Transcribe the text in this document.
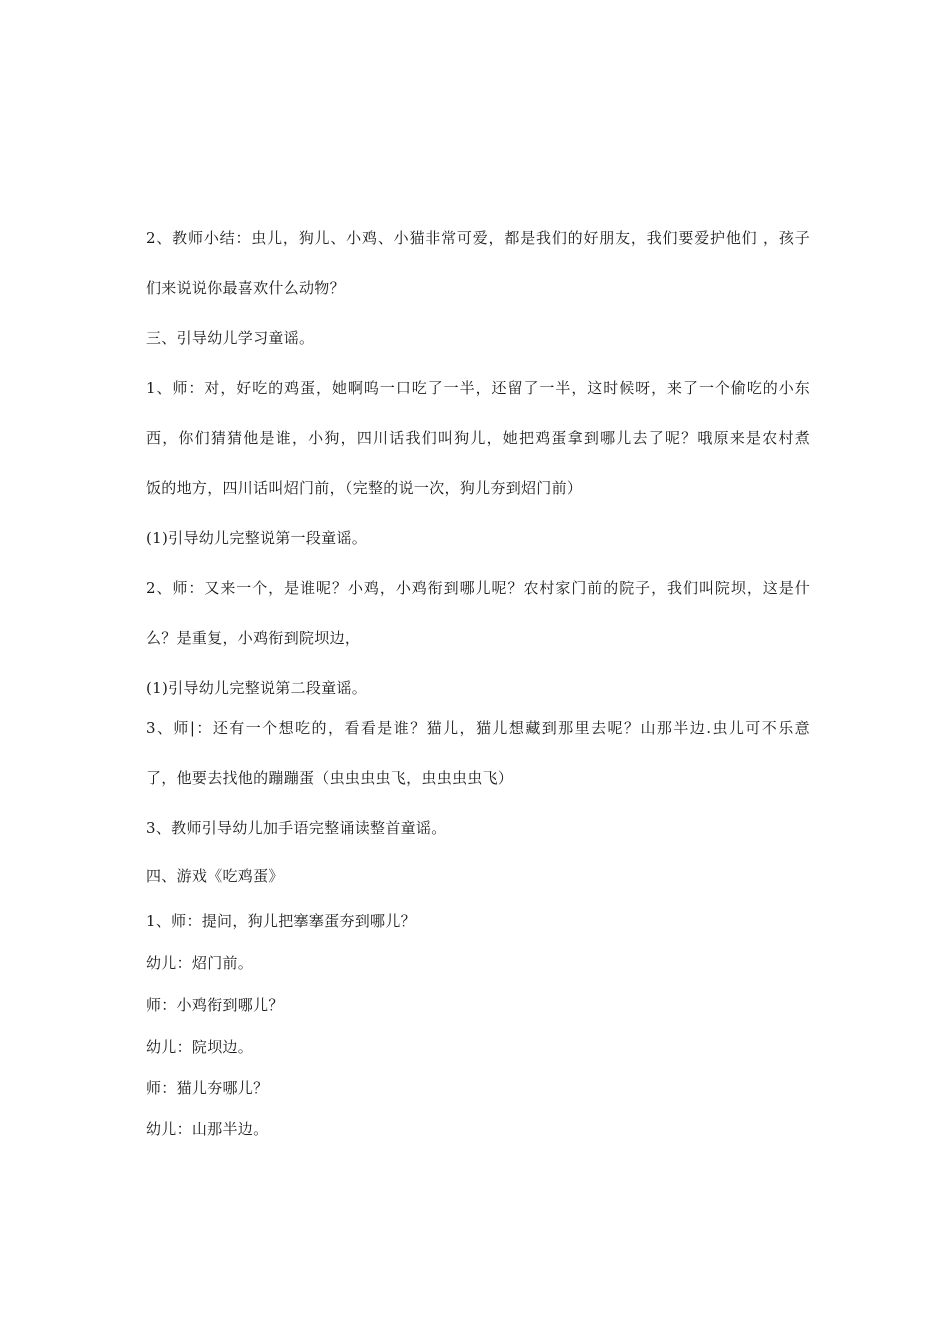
2、教师小结：虫儿，狗儿、小鸡、小猫非常可爱，都是我们的好朋友，我们要爱护他们 ，孩子
们来说说你最喜欢什么动物？
三、引导幼儿学习童谣。
1、师：对，好吃的鸡蛋，她啊呜一口吃了一半，还留了一半，这时候呀，来了一个偷吃的小东
西，你们猜猜他是谁，小狗，四川话我们叫狗儿，她把鸡蛋拿到哪儿去了呢？哦原来是农村煮
饭的地方，四川话叫炤门前，（完整的说一次，狗儿夯到炤门前）
(1)引导幼儿完整说第一段童谣。
2、师：又来一个，是谁呢？小鸡，小鸡衔到哪儿呢？农村家门前的院子，我们叫院坝，这是什
么？是重复，小鸡衔到院坝边，
(1)引导幼儿完整说第二段童谣。
3、师|：还有一个想吃的，看看是谁？猫儿，猫儿想藏到那里去呢？山那半边.虫儿可不乐意
了，他要去找他的蹦蹦蛋（虫虫虫虫飞，虫虫虫虫飞）
3、教师引导幼儿加手语完整诵读整首童谣。
四、游戏《吃鸡蛋》
1、师：提问，狗儿把搴搴蛋夯到哪儿？
幼儿：炤门前。
师：小鸡衔到哪儿？
幼儿：院坝边。
师：猫儿夯哪儿？
幼儿：山那半边。
